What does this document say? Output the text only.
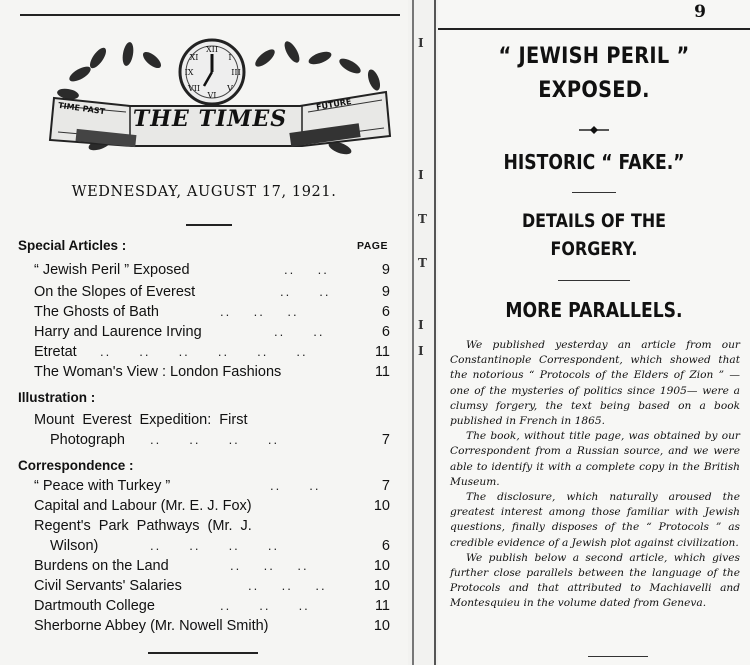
XII
I
III
V
VI
VII
IX
XI
THE TIMES
TIME PAST	FUTURE
WEDNESDAY, AUGUST 17, 1921.
PAGE
Special Articles :
“ Jewish Peril ” Exposed	..    ..	9
On the Slopes of Everest	..     ..	9
The Ghosts of Bath	..    ..    ..	6
Harry and Laurence Irving	..     ..	6
Etretat ..     ..     ..     ..     ..     ..	11
The Woman's View : London Fashions	11
Illustration :
Mount Everest Expedition: First
Photograph ..     ..     ..     ..	7
Correspondence :
“ Peace with Turkey ”	..     ..	7
Capital and Labour (Mr. E. J. Fox)	10
Regent's Park Pathways (Mr. J.
Wilson)	..     ..     ..     ..	6
Burdens on the Land	..    ..    ..	10
Civil Servants' Salaries	..    ..    ..	10
Dartmouth College	..     ..     ..	11
Sherborne Abbey (Mr. Nowell Smith)	10
I
I
T
T
I
I
9
“ JEWISH PERIL ”
EXPOSED.
HISTORIC “ FAKE.”
DETAILS OF THE
FORGERY.
MORE PARALLELS.

We published yesterday an article from our Constantinople Correspondent, which showed that the notorious “ Protocols of the Elders of Zion ” — one of the mysteries of politics since 1905— were a clumsy forgery, the text being based on a book published in French in 1865.

The book, without title page, was obtained by our Correspondent from a Russian source, and we were able to identify it with a complete copy in the British Museum.

The disclosure, which naturally aroused the greatest interest among those familiar with Jewish questions, finally disposes of the “ Protocols ” as credible evidence of a Jewish plot against civilization.

We publish below a second article, which gives further close parallels between the language of the Protocols and that attributed to Machiavelli and Montesquieu in the volume dated from Geneva.
